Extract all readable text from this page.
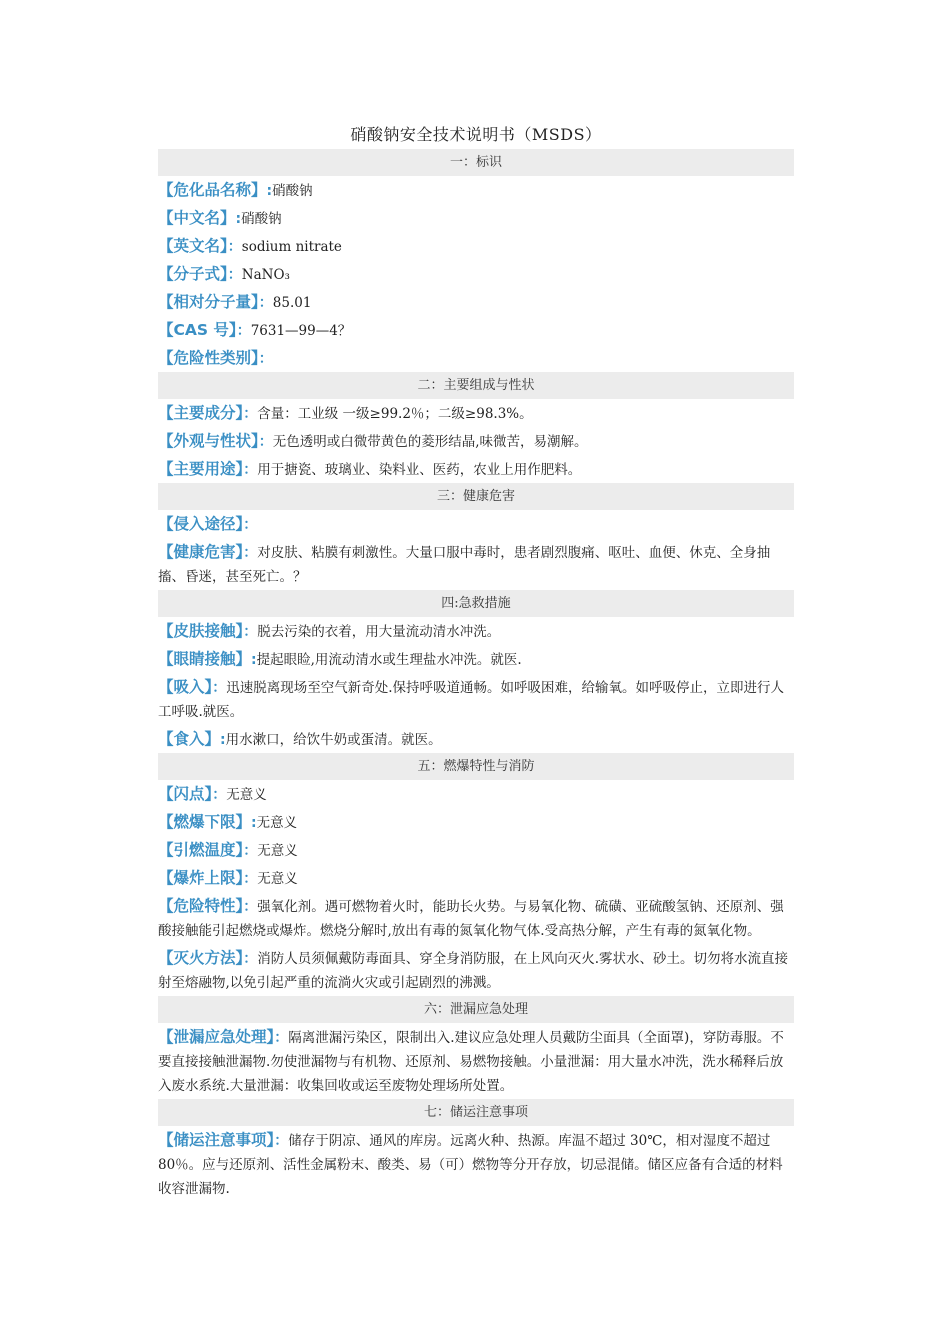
硝酸钠安全技术说明书（MSDS）
一：标识
【危化品名称】:硝酸钠
【中文名】:硝酸钠
【英文名】：sodium nitrate
【分子式】：NaNO₃
【相对分子量】：85.01
【CAS 号】：7631—99—4？
【危险性类别】：
二：主要组成与性状
【主要成分】：含量：工业级 一级≥99.2％；二级≥98.3%。
【外观与性状】：无色透明或白微带黄色的菱形结晶,味微苦，易潮解。
【主要用途】：用于搪瓷、玻璃业、染料业、医药，农业上用作肥料。
三：健康危害
【侵入途径】：
【健康危害】：对皮肤、粘膜有刺激性。大量口服中毒时，患者剧烈腹痛、呕吐、血便、休克、全身抽搐、昏迷，甚至死亡。？
四:急救措施
【皮肤接触】：脱去污染的衣着，用大量流动清水冲洗。
【眼睛接触】:提起眼睑,用流动清水或生理盐水冲洗。就医.
【吸入】：迅速脱离现场至空气新奇处.保持呼吸道通畅。如呼吸困难，给输氧。如呼吸停止，立即进行人工呼吸.就医。
【食入】:用水漱口，给饮牛奶或蛋清。就医。
五：燃爆特性与消防
【闪点】：无意义
【燃爆下限】:无意义
【引燃温度】：无意义
【爆炸上限】：无意义
【危险特性】：强氧化剂。遇可燃物着火时，能助长火势。与易氧化物、硫磺、亚硫酸氢钠、还原剂、强酸接触能引起燃烧或爆炸。燃烧分解时,放出有毒的氮氧化物气体.受高热分解，产生有毒的氮氧化物。
【灭火方法】：消防人员须佩戴防毒面具、穿全身消防服，在上风向灭火.雾状水、砂土。切勿将水流直接射至熔融物,以免引起严重的流淌火灾或引起剧烈的沸溅。
六：泄漏应急处理
【泄漏应急处理】：隔离泄漏污染区，限制出入.建议应急处理人员戴防尘面具（全面罩)，穿防毒服。不要直接接触泄漏物.勿使泄漏物与有机物、还原剂、易燃物接触。小量泄漏：用大量水冲洗，洗水稀释后放入废水系统.大量泄漏：收集回收或运至废物处理场所处置。
七：储运注意事项
【储运注意事项】：储存于阴凉、通风的库房。远离火种、热源。库温不超过 30℃，相对湿度不超过 80％。应与还原剂、活性金属粉末、酸类、易（可）燃物等分开存放，切忌混储。储区应备有合适的材料收容泄漏物.
